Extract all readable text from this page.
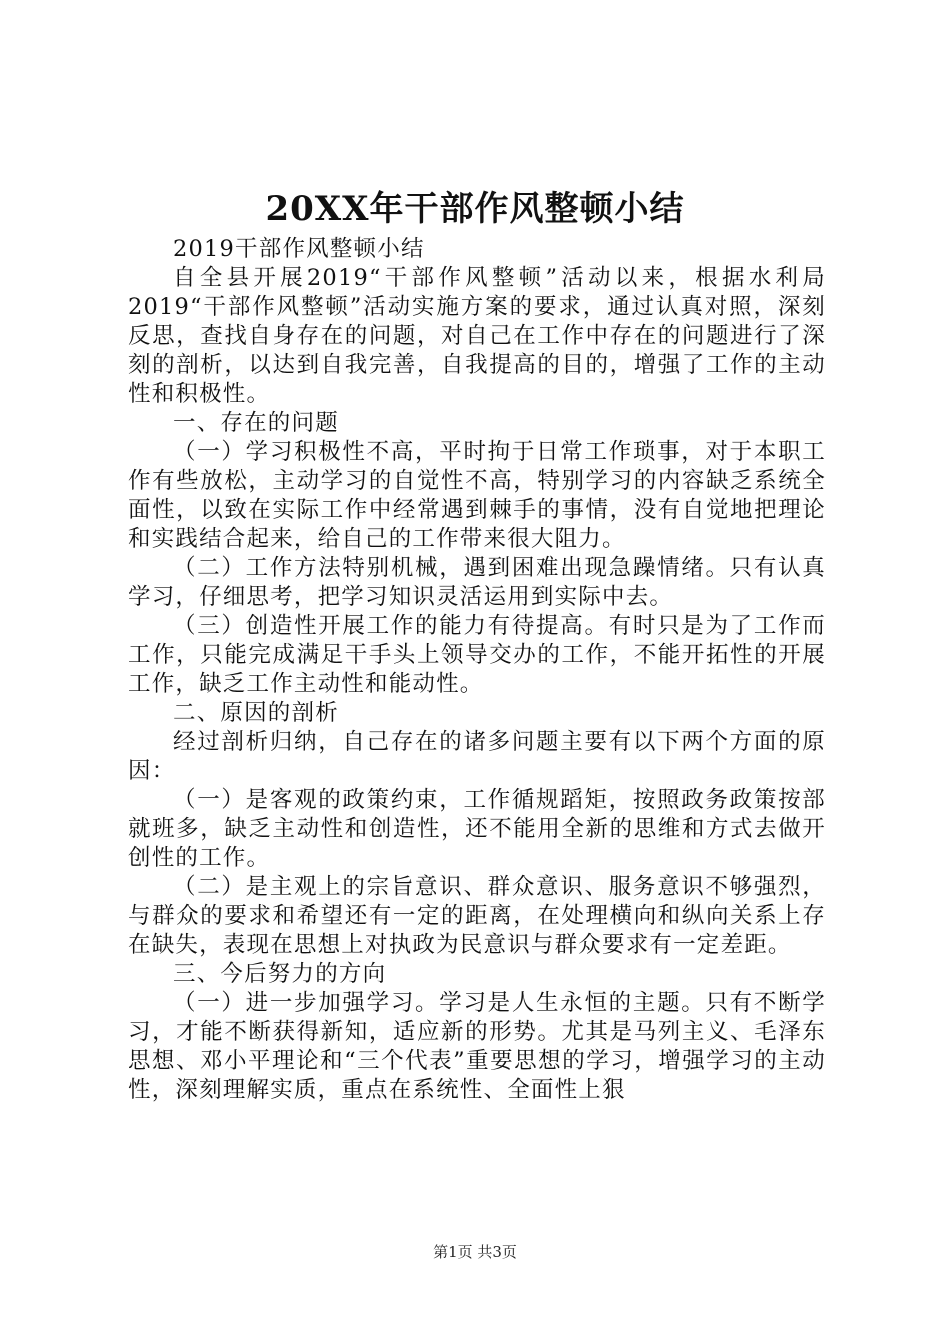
20XX年干部作风整顿小结

2019干部作风整顿小结

自全县开展2019“干部作风整顿”活动以来，根据水利局2019“干部作风整顿”活动实施方案的要求，通过认真对照，深刻反思，查找自身存在的问题，对自己在工作中存在的问题进行了深刻的剖析，以达到自我完善，自我提高的目的，增强了工作的主动性和积极性。

一、存在的问题

（一）学习积极性不高，平时拘于日常工作琐事，对于本职工作有些放松，主动学习的自觉性不高，特别学习的内容缺乏系统全面性，以致在实际工作中经常遇到棘手的事情，没有自觉地把理论和实践结合起来，给自己的工作带来很大阻力。

（二）工作方法特别机械，遇到困难出现急躁情绪。只有认真学习，仔细思考，把学习知识灵活运用到实际中去。

（三）创造性开展工作的能力有待提高。有时只是为了工作而工作，只能完成满足干手头上领导交办的工作，不能开拓性的开展工作，缺乏工作主动性和能动性。

二、原因的剖析

经过剖析归纳，自己存在的诸多问题主要有以下两个方面的原因：

（一）是客观的政策约束，工作循规蹈矩，按照政务政策按部就班多，缺乏主动性和创造性，还不能用全新的思维和方式去做开创性的工作。

（二）是主观上的宗旨意识、群众意识、服务意识不够强烈，与群众的要求和希望还有一定的距离，在处理横向和纵向关系上存在缺失，表现在思想上对执政为民意识与群众要求有一定差距。

三、今后努力的方向

（一）进一步加强学习。学习是人生永恒的主题。只有不断学习，才能不断获得新知，适应新的形势。尤其是马列主义、毛泽东思想、邓小平理论和“三个代表”重要思想的学习，增强学习的主动性，深刻理解实质，重点在系统性、全面性上狠

第1页 共3页
